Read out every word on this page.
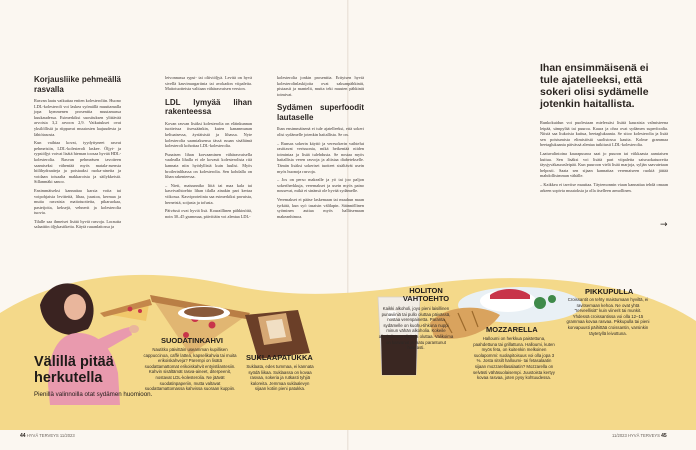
Korjausliike pehmeällä rasvalla

Rasvan laatu vaikuttaa eniten kolesteroliin. Huono LDL-kolesteroli voi laskea syömällä muuttamalla jopa kymmenen prosenttia muutamassa kuukaudessa. Esimerkiksi suosituksen ylittävää arvoista 3,2 arvoon 2,9. Vaikutukset ovat yksilöllisiä ja riippuvat muutosten laajuudesta ja lähtötasosta.

Kun vaihtaa kovat, tyydyttyneet rasvat pehmeisiin, LDL-kolesteroli laskee. Öljyt- ja rypsiöljyt voivat lisätä hieman toosaa hyvää HDL-kolesterolia. Rasvan pehmeäsen tavoiteen saamiseksi vähentää myös matala-asensta hiilihydraatteja ja poistaaksi ruoka-aineita ja voidaan toisaalta makkaroista ja säilykkeistä. Sillanmäki sanoo.

Ensimmäiseksi kannattaa karsia voita tai voipohjaisia levitteitä, lihaa, juustoa, kermaa ja muita rasvaisia maitotuotteita, pikaruokaa, pasteijoita, keksejä, vehnerit ja kolesterolia tuovia.

Tilalle saa ihmeiset lisätä hyviä rasvoja. Lorautta salaattiin öljykastiketta. Käytä ruuanlaitossa ja

leivonnassa rypsi- tai oliiviöljyä. Levitä on hyvä sivellä kasvimargariinia tai avokadon viipaleita. Maitotuotteista valitaan vähärasvaisen version.

LDL lymyää lihan rakenteessa

Kovan rasvan lisäksi kolesterolia on eläinkunnan tuotteissa itsessäänkin, kuten kananmunan keltuaisessa, äyriäisistä ja lihassa. Nyte kolesterolia saamiaksensa tässä ruuan sisältämä kolesteroli kohottaa LDL-kolesterolia.

Punaisen lihan korvaaminen vähärasvaisella vaalealla lihalla ei ole kovasti kolesterolista riiä kannata niin hyödyllistä kuin luulisi. Myös broilerinlihassa on kolesterolia. Sen kohdalla on lihan rakenteessa.

– Nieti, maisunniko liitä tai maa kala tai kasvivaihtoehto lihan tilalla ainakin pari kertaa viikossa. Kasviproteiinia saa esimerkiksi pavuista, herneistä, soijasta ja tofusta.

Päivässä ovat hyviä lisä. Kouraillinen pähkinöitä, noin 30–45 grammaa, päivittäin voi alentaa LDL-

kolesterolia jonkin prosenttia. Erityisen hyviä kolesterolinlaskijoita ovat saksanpähkinät, pistaasit ja mantelit, mutta teki muuten pähkinät toimivat.

Sydämen superfoodit lautaselle

Ihan ensimmäisenä ei tule ajatelleeksi, että sokeri olisi sydämelle jotenkin haitallista. Se on.

– Runsas sokerin käyttö ja veresokerin vaihtelut rasittavat verisuonia, mikä heikentää niiden toimintaa ja lisää tulehdusta. Se nostaa myös haitallisia veren rasvoja ja altistaa diabetekselle. Tämän lisäksi sokeriset tuotteet sisältävät usein myös huonoja rasvoja.

– Jos on perso makealle ja yö tai joo paljon sokeriherkkuja, veremakset ja usein myös paino nousevat, mikä ei sinänsä ole hyvää sydämelle.

Veremakset ei pääse laskemaan tai muuhun maan tyrkätä, kun syö tasaisin välilapin. Säännöllinen syöminen auttaa myös hallitsemaan makeanhimoa.

Ihan ensimmäisenä ei tule ajatelleeksi, että sokeri olisi sydämelle jotenkin haitallista.

Runkokuidun voi puolestaan mielessäsi lisätä kauraisia valmisteena leipää, sämpylää tai puuroa. Kaura ja ohra ovat sydämen superfoodia. Niistä saa liukoisia kuitua, beetaglukaania. Se sitoo kolesterolia ja lisää sen poistumista elimistöstä suolistossa kautta. Kolme grammaa beetaglukaania päivässä alentaa tutkitusti LDL-kolesterolia.

Laatuvalintoina kaurapuuroa saat jo puuron tai viikkaasta aamiaisen kuitua. Sen lisäksi voi lisätä pari viipaletta saisruokatuoreita täysjyväkaurasleipää. Kun puuroon vielä lisää marjoja, syljän saavutetaan helposti. Saata sen sijaan kannattaa veremaiseen ruokiä jättää mahdollisimman vähälle.

– Kaikkea ei tarvitse muuttaa. Täytemonnin viaan kannattaa tehdä omaan arkeen sopivia muutoksia ja olla itselleen armollinen.

→
Välillä pitää
herkutella
Pienillä valinnoilla otat sydämen huomioon.
SUODATINKAHVI
Nautitko päivittäin useamman kupillisen cappuccinoa, caffè lattea, kapselikahvia tai muita erikoiskahveja? Parempi on lisätä suodattamattomat erikoiskahvit entyistilantesiin. Kahvin sisältämät rasva-aineet, diterpeenit, nostavat LDL-kolesterolia. Ne jäävät suodatinpaperiin, mutta valtavat suodattamattomassa kahvissa suoraan kuppiin.
SUKLAAPATUKKA
Suklaata, edes tummaa, ei kannata syödä liikaa. Suklaassa on kovaa rasvaa, sokeria ja rutkasti tyhjiä kaloreita. Jemmaa suklaalevyn sijaan kotiin pieni patukka.
HOLITON VAHTOEHTO
Kaikki alkoholi, joyo pieni laisillinen punaviiniä tai pullo oluttaa päivässä, nostaa verenpainetta. Paranta sydämelle on kuohu-tihkuna nuppi minun vähän alkoholia. Kokeile alkoholitonta viiniä ja oluttaa. Valikoima on kasvanut ja laatu parantunut huimasti.
MOZZARELLA
Halloumi on herkkua paistettuna, paahdettuna tai grillattuna. Halloumi, kuten myös feta, on kuitenkin melkoinen suolapommi: suolapitoisuus voi olla jopa 3 %. Josta sitsilt halloumi- tai fetasalaatin sijaan mozzarellasalaatin? Mozzarella on selvästi vähäsuolaisempi. Juustoista kertyy kovaa rasvaa, joten pysy kohtuudessa.
PIKKUPULLA
Croissantit on tehty maistumaan hyviltä, ei ravitsemaan kehoa. Ne ovat yhtä "terveellisiä" kuin viinerit tai munkit. Yhdessä croissantissa voi olla 12–15 grammaa kovaa rasvaa. Pikkupulla tai pieni korvapuusti päihittää croissantin, varsinkin täytetyllä leivottuna.
44 HYVÄ TERVEYS 11/2023	11/2023 HYVÄ TERVEYS 45
